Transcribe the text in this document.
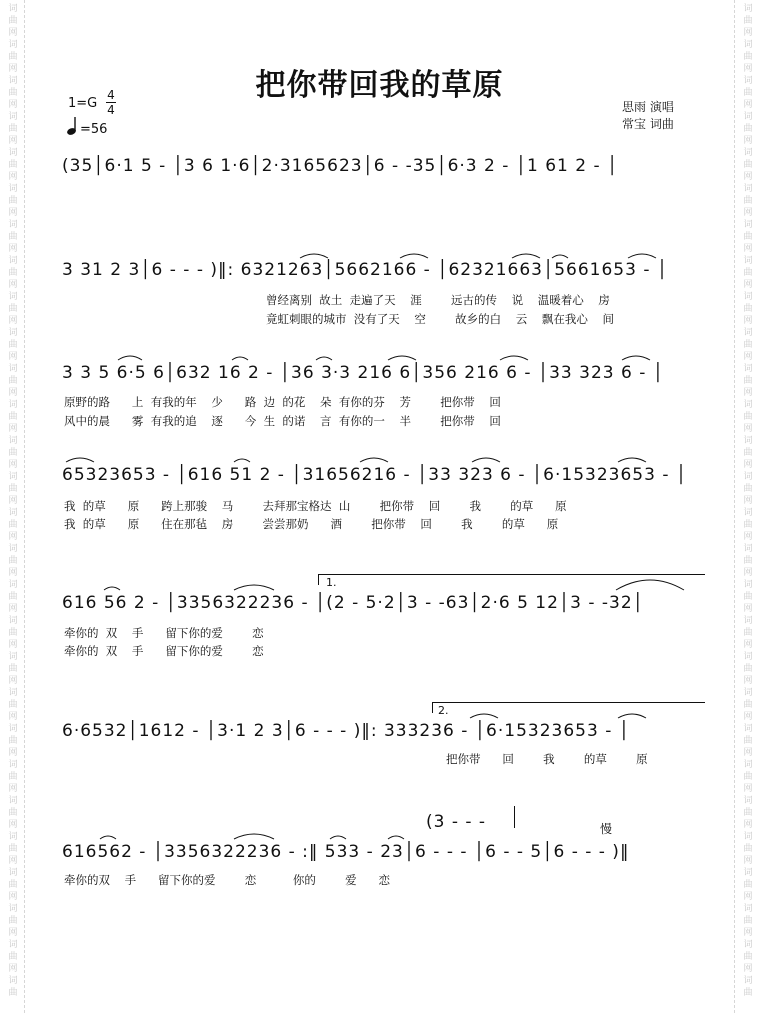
词
曲
网
词
曲
网
词
曲
网
词
曲
网
词
曲
网
词
曲
网
词
曲
网
词
曲
网
词
曲
网
词
曲
网
词
曲
网
词
曲
网
词
曲
网
词
曲
网
词
曲
网
词
曲
网
词
曲
网
词
曲
网
词
曲
网
词
曲
网
词
曲
网
词
曲
网
词
曲
网
词
曲
网
词
曲
网
词
曲
网
词
曲
网
词
曲
词
曲
网
词
曲
网
词
曲
网
词
曲
网
词
曲
网
词
曲
网
词
曲
网
词
曲
网
词
曲
网
词
曲
网
词
曲
网
词
曲
网
词
曲
网
词
曲
网
词
曲
网
词
曲
网
词
曲
网
词
曲
网
词
曲
网
词
曲
网
词
曲
网
词
曲
网
词
曲
网
词
曲
网
词
曲
网
词
曲
网
词
曲
网
词
曲
把你带回我的草原
1=G
4
4
=56
思雨 演唱
常宝 词曲
(35│6·1 5 - │3 6 1·6│2·3165623│6 - -35│6·3 2 - │1 61 2 - │
3 31 2 3│6 - - - )‖: 6321263│5662166 - │62321663│5661653 - │
曾经离别  故土  走遍了天    涯        远古的传    说    温暖着心    房
竟虹刺眼的城市  没有了天    空        故乡的白    云    飘在我心    间
3 3 5 6·5 6│632 16 2 - │36 3·3 216 6│356 216 6 - │33 323 6 - │
原野的路      上  有我的年    少      路  边  的花    朵  有你的芬    芳        把你带    回
风中的晨      雾  有我的追    逐      今  生  的诺    言  有你的一    半        把你带    回
65323653 - │616 51 2 - │31656216 - │33 323 6 - │6·15323653 - │
我  的草      原      跨上那骏    马        去拜那宝格达  山        把你带    回        我        的草      原
我  的草      原      住在那毡    房        尝尝那奶      酒        把你带    回        我        的草      原
1.
616 56 2 - │3356322236 - │(2 - 5·2│3 - -63│2·6 5 12│3 - -32│
牵你的  双    手      留下你的爱        恋
牵你的  双    手      留下你的爱        恋
2.
6·6532│1612 - │3·1 2 3│6 - - - )‖: 333236 - │6·15323653 - │
把你带      回        我        的草        原
(3 - - -	慢
616562 - │3356322236 - :‖ 533 - 23│6 - - - │6 - - 5│6 - - - )‖
牵你的双    手      留下你的爱        恋          你的        爱      恋
